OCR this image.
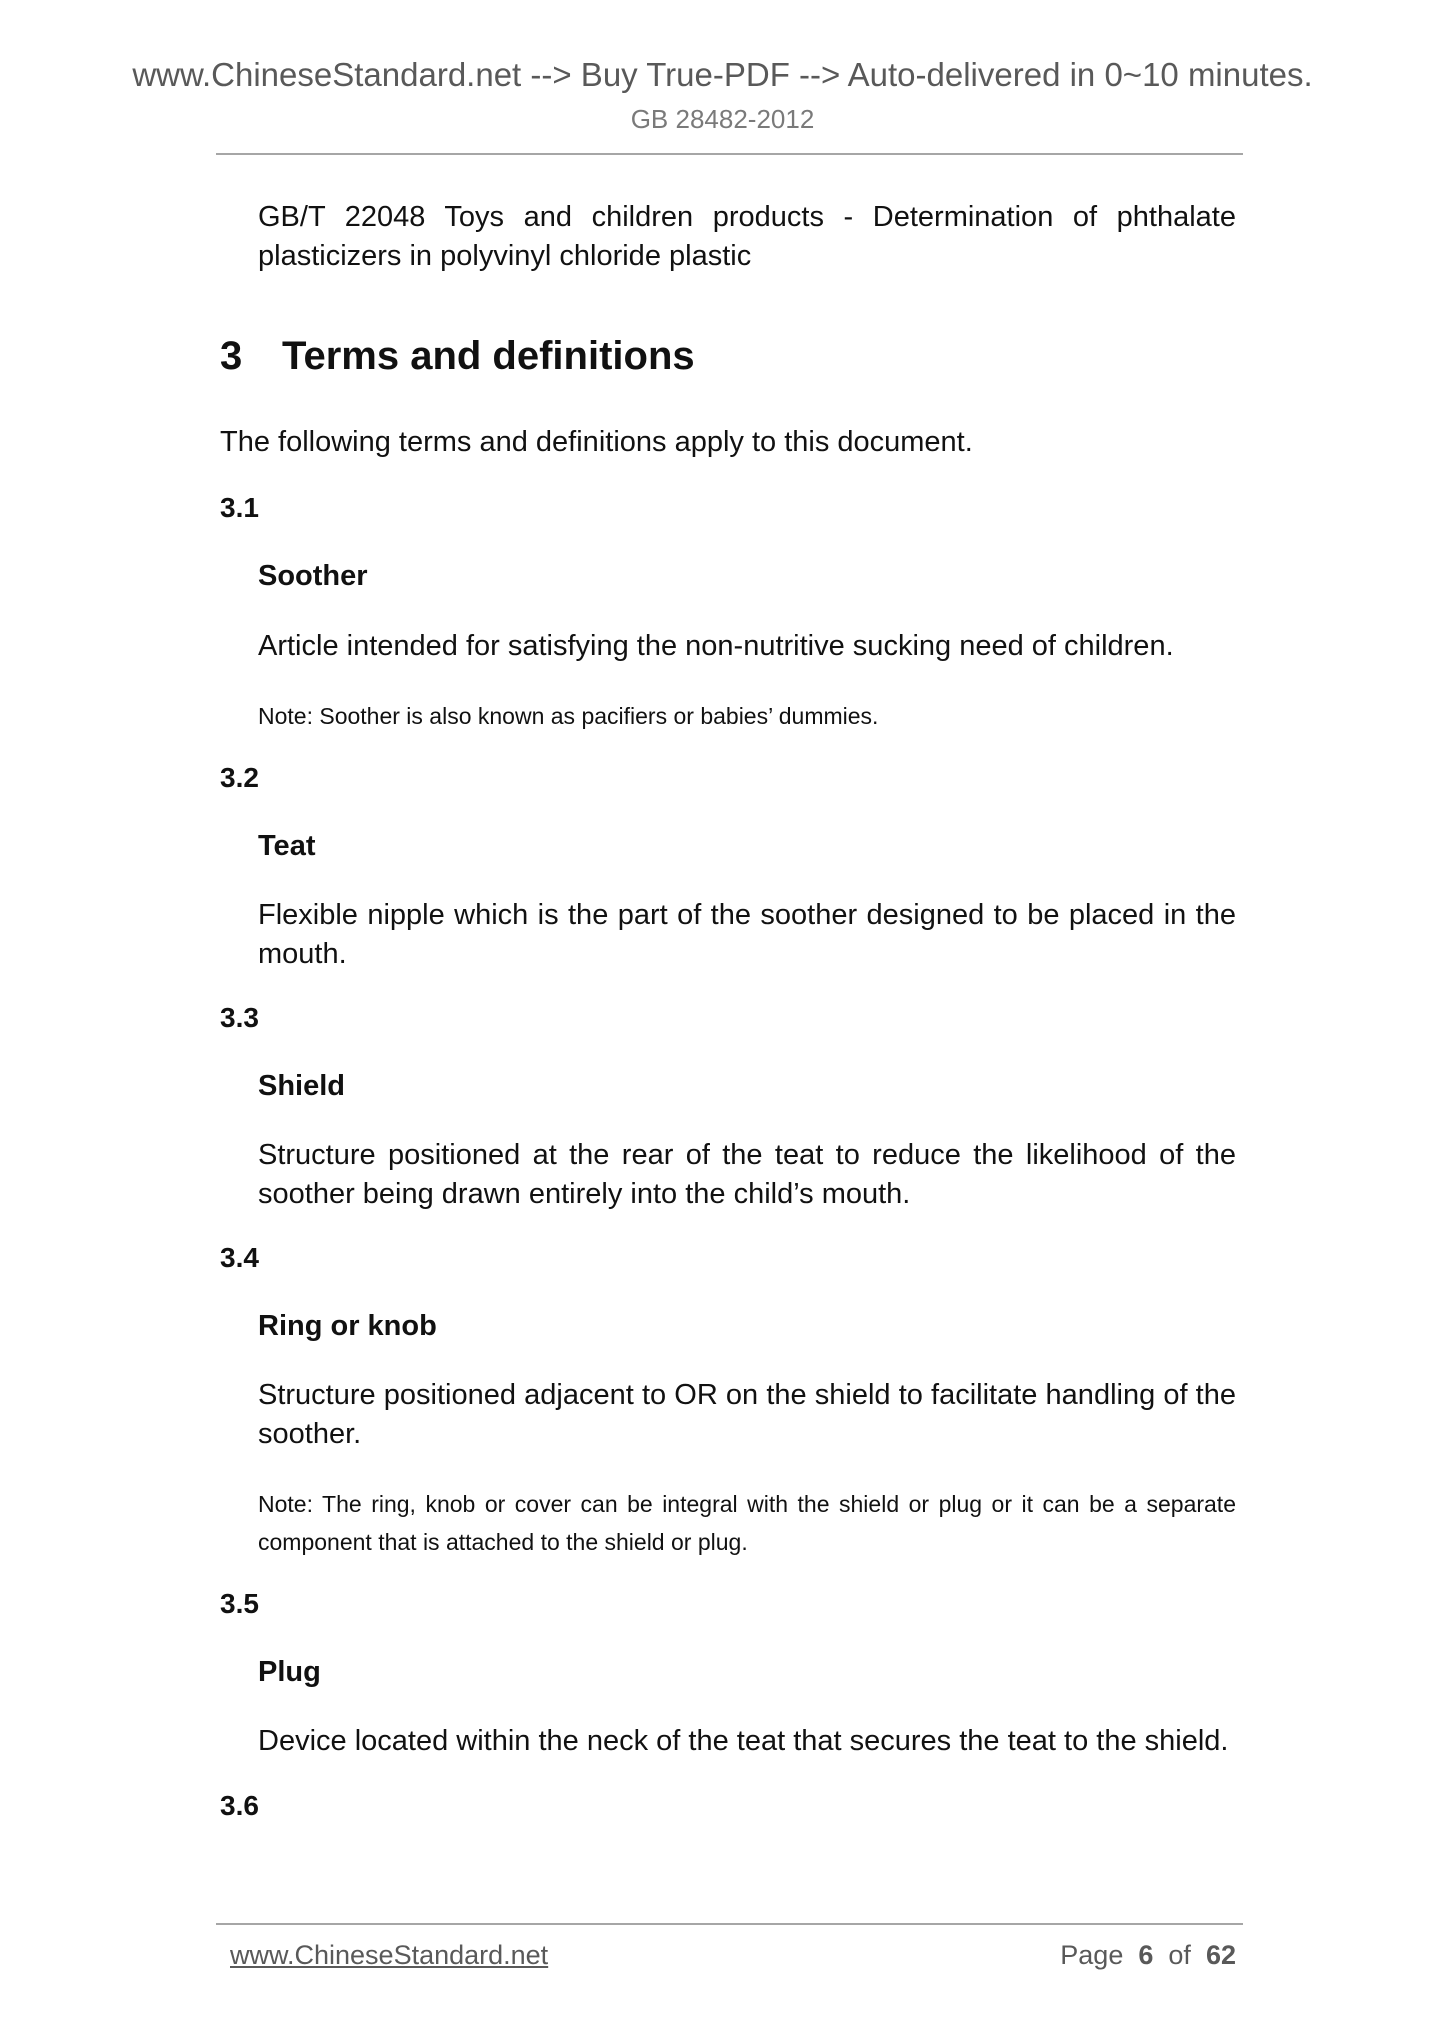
www.ChineseStandard.net --> Buy True-PDF --> Auto-delivered in 0~10 minutes.
GB 28482-2012
GB/T 22048 Toys and children products - Determination of phthalate plasticizers in polyvinyl chloride plastic
3 Terms and definitions
The following terms and definitions apply to this document.
3.1
Soother
Article intended for satisfying the non-nutritive sucking need of children.
Note: Soother is also known as pacifiers or babies’ dummies.
3.2
Teat
Flexible nipple which is the part of the soother designed to be placed in the mouth.
3.3
Shield
Structure positioned at the rear of the teat to reduce the likelihood of the soother being drawn entirely into the child’s mouth.
3.4
Ring or knob
Structure positioned adjacent to OR on the shield to facilitate handling of the soother.
Note: The ring, knob or cover can be integral with the shield or plug or it can be a separate component that is attached to the shield or plug.
3.5
Plug
Device located within the neck of the teat that secures the teat to the shield.
3.6
www.ChineseStandard.net	Page 6 of 62
